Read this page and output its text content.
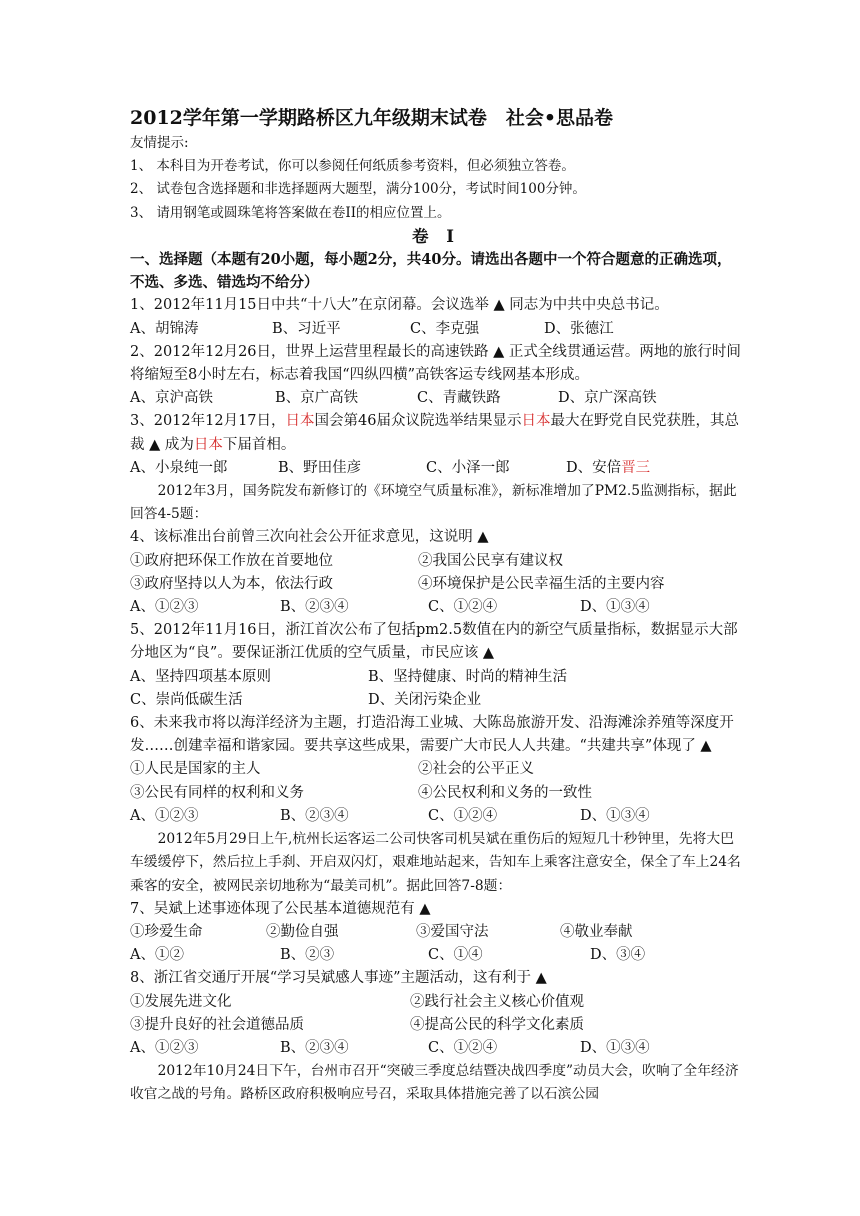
2012学年第一学期路桥区九年级期末试卷　社会•思品卷
友情提示:
1、 本科目为开卷考试，你可以参阅任何纸质参考资料，但必须独立答卷。
2、 试卷包含选择题和非选择题两大题型，满分100分，考试时间100分钟。
3、 请用钢笔或圆珠笔将答案做在卷II的相应位置上。
卷 I
一、选择题（本题有20小题，每小题2分，共40分。请选出各题中一个符合题意的正确选项，不选、多选、错选均不给分）
1、2012年11月15日中共“十八大”在京闭幕。会议选举 ▲ 同志为中共中央总书记。
A、胡锦涛	B、习近平	C、李克强	D、张德江
2、2012年12月26日，世界上运营里程最长的高速铁路 ▲ 正式全线贯通运营。两地的旅行时间将缩短至8小时左右，标志着我国“四纵四横”高铁客运专线网基本形成。
A、京沪高铁	B、京广高铁	C、青藏铁路	D、京广深高铁
3、2012年12月17日，日本国会第46届众议院选举结果显示日本最大在野党自民党获胜，其总裁 ▲ 成为日本下届首相。
A、小泉纯一郎	B、野田佳彦	C、小泽一郎	D、安倍晋三
2012年3月，国务院发布新修订的《环境空气质量标准》，新标准增加了PM2.5监测指标，据此回答4-5题：
4、该标准出台前曾三次向社会公开征求意见，这说明 ▲
①政府把环保工作放在首要地位	②我国公民享有建议权
③政府坚持以人为本，依法行政	④环境保护是公民幸福生活的主要内容
A、①②③	B、②③④	C、①②④	D、①③④
5、2012年11月16日，浙江首次公布了包括pm2.5数值在内的新空气质量指标，数据显示大部分地区为“良”。要保证浙江优质的空气质量，市民应该 ▲
A、坚持四项基本原则	B、坚持健康、时尚的精神生活
C、崇尚低碳生活	D、关闭污染企业
6、未来我市将以海洋经济为主题，打造沿海工业城、大陈岛旅游开发、沿海滩涂养殖等深度开发……创建幸福和谐家园。要共享这些成果，需要广大市民人人共建。“共建共享”体现了 ▲
①人民是国家的主人	②社会的公平正义
③公民有同样的权利和义务	④公民权利和义务的一致性
A、①②③	B、②③④	C、①②④	D、①③④
2012年5月29日上午,杭州长运客运二公司快客司机吴斌在重伤后的短短几十秒钟里，先将大巴车缓缓停下，然后拉上手刹、开启双闪灯，艰难地站起来，告知车上乘客注意安全，保全了车上24名乘客的安全，被网民亲切地称为“最美司机”。据此回答7-8题：
7、吴斌上述事迹体现了公民基本道德规范有 ▲
①珍爱生命	②勤俭自强	③爱国守法	④敬业奉献
A、①②	B、②③	C、①④	D、③④
8、浙江省交通厅开展“学习吴斌感人事迹”主题活动，这有利于 ▲
①发展先进文化	②践行社会主义核心价值观
③提升良好的社会道德品质	④提高公民的科学文化素质
A、①②③	B、②③④	C、①②④	D、①③④
2012年10月24日下午，台州市召开“突破三季度总结暨决战四季度”动员大会，吹响了全年经济收官之战的号角。路桥区政府积极响应号召，采取具体措施完善了以石滨公园
